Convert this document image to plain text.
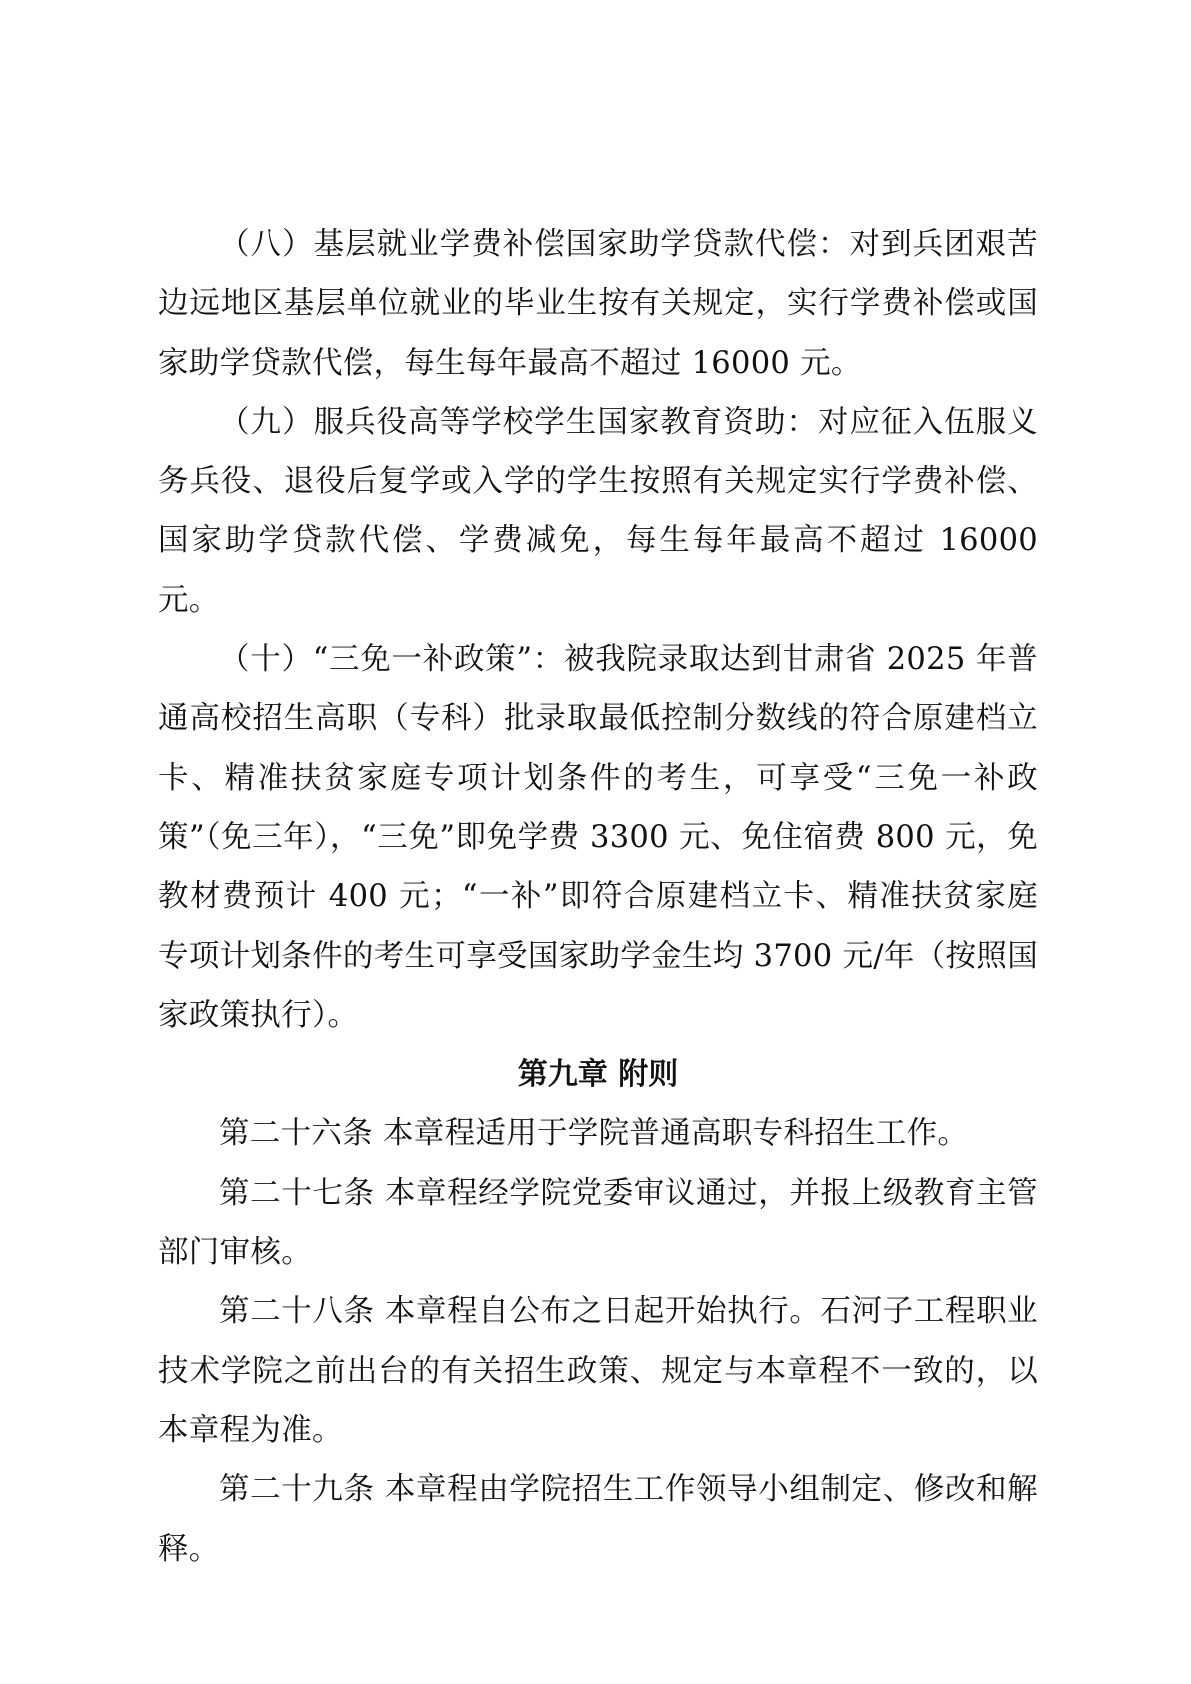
（八）基层就业学费补偿国家助学贷款代偿：对到兵团艰苦边远地区基层单位就业的毕业生按有关规定，实行学费补偿或国家助学贷款代偿，每生每年最高不超过 16000 元。

（九）服兵役高等学校学生国家教育资助：对应征入伍服义务兵役、退役后复学或入学的学生按照有关规定实行学费补偿、国家助学贷款代偿、学费减免，每生每年最高不超过 16000 元。

（十）“三免一补政策”：被我院录取达到甘肃省 2025 年普通高校招生高职（专科）批录取最低控制分数线的符合原建档立卡、精准扶贫家庭专项计划条件的考生，可享受“三免一补政策”（免三年），“三免”即免学费 3300 元、免住宿费 800 元，免教材费预计 400 元；“一补”即符合原建档立卡、精准扶贫家庭专项计划条件的考生可享受国家助学金生均 3700 元/年（按照国家政策执行）。

第九章 附则

第二十六条 本章程适用于学院普通高职专科招生工作。

第二十七条 本章程经学院党委审议通过，并报上级教育主管部门审核。

第二十八条 本章程自公布之日起开始执行。石河子工程职业技术学院之前出台的有关招生政策、规定与本章程不一致的，以本章程为准。

第二十九条 本章程由学院招生工作领导小组制定、修改和解释。
